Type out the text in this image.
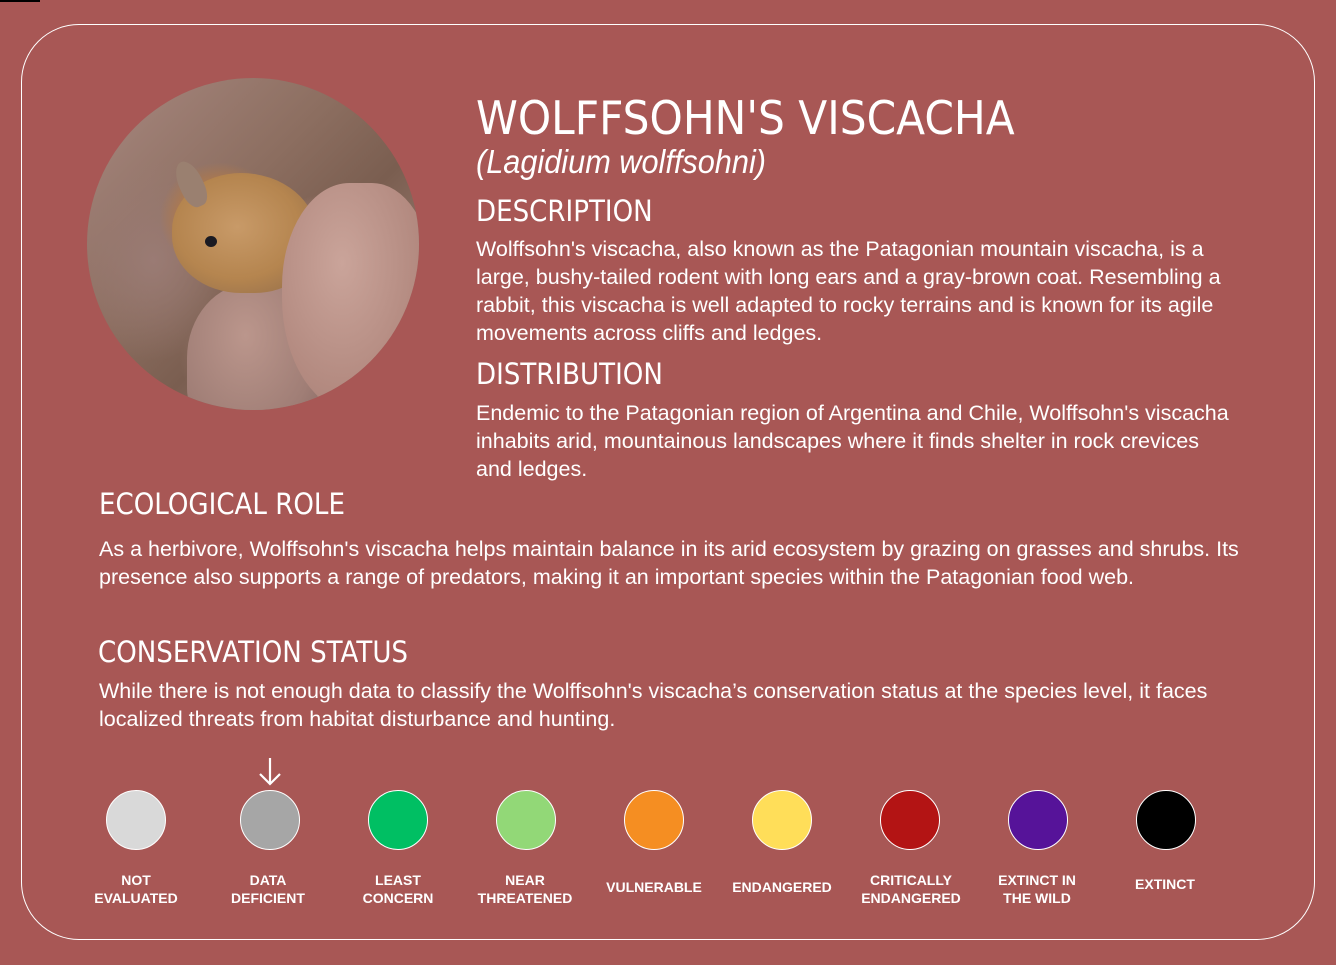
WOLFFSOHN'S VISCACHA
(Lagidium wolffsohni)
DESCRIPTION

Wolffsohn's viscacha, also known as the Patagonian mountain viscacha, is a large, bushy-tailed rodent with long ears and a gray-brown coat. Resembling a rabbit, this viscacha is well adapted to rocky terrains and is known for its agile movements across cliffs and ledges.

DISTRIBUTION

Endemic to the Patagonian region of Argentina and Chile, Wolffsohn's viscacha inhabits arid, mountainous landscapes where it finds shelter in rock crevices and ledges.

ECOLOGICAL ROLE

As a herbivore, Wolffsohn's viscacha helps maintain balance in its arid ecosystem by grazing on grasses and shrubs. Its presence also supports a range of predators, making it an important species within the Patagonian food web.

CONSERVATION STATUS

While there is not enough data to classify the Wolffsohn's viscacha’s conservation status at the species level, it faces localized threats from habitat disturbance and hunting.

NOT
EVALUATED
DATA
DEFICIENT
LEAST
CONCERN
NEAR
THREATENED
VULNERABLE	ENDANGERED	CRITICALLY
ENDANGERED
EXTINCT IN
THE WILD
EXTINCT
